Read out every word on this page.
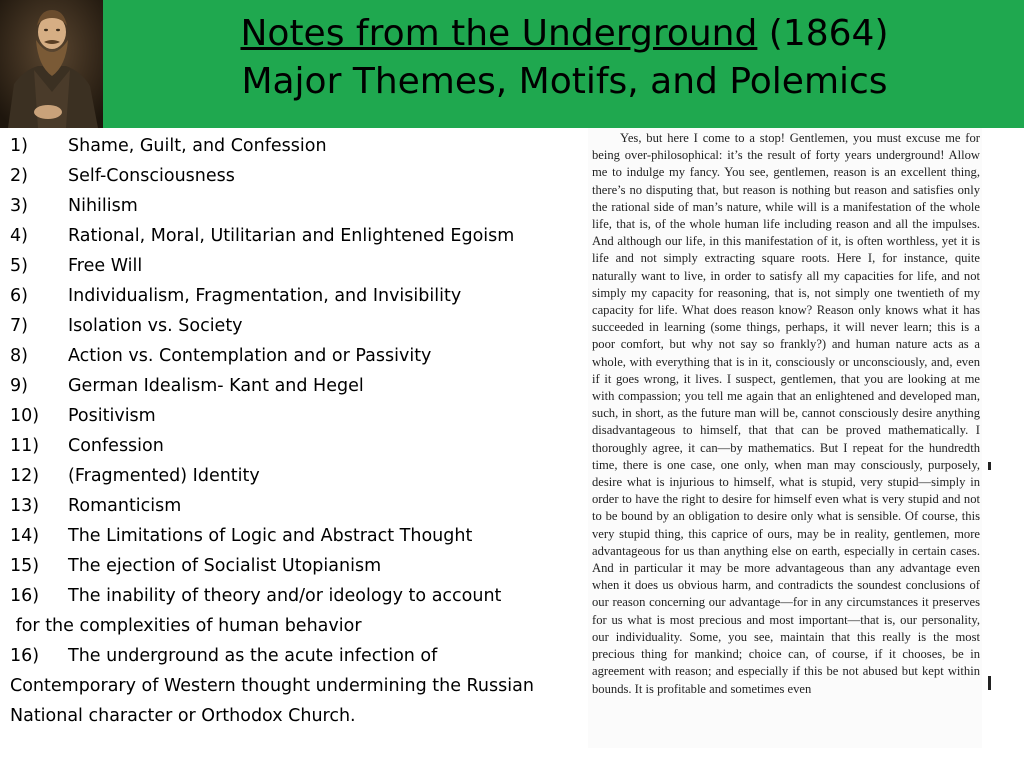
Notes from the Underground (1864)
Major Themes, Motifs, and Polemics
1) Shame, Guilt, and Confession
2) Self-Consciousness
3) Nihilism
4) Rational, Moral, Utilitarian and Enlightened Egoism
5) Free Will
6) Individualism, Fragmentation, and Invisibility
7) Isolation vs. Society
8) Action vs. Contemplation and or Passivity
9) German Idealism- Kant and Hegel
10) Positivism
11) Confession
12) (Fragmented) Identity
13) Romanticism
14) The Limitations of Logic and Abstract Thought
15) The ejection of Socialist Utopianism
16) The inability of theory and/or ideology to account
for the complexities of human behavior
16) The underground as the acute infection of
Contemporary of Western thought undermining the Russian
National character or Orthodox Church.

Yes, but here I come to a stop! Gentlemen, you must excuse me for being over-philosophical: it’s the result of forty years underground! Allow me to indulge my fancy. You see, gentlemen, reason is an excellent thing, there’s no disputing that, but reason is nothing but reason and satisfies only the rational side of man’s nature, while will is a manifestation of the whole life, that is, of the whole human life including reason and all the impulses. And although our life, in this manifestation of it, is often worthless, yet it is life and not simply extracting square roots. Here I, for instance, quite naturally want to live, in order to satisfy all my capacities for life, and not simply my capacity for reasoning, that is, not simply one twentieth of my capacity for life. What does reason know? Reason only knows what it has succeeded in learning (some things, perhaps, it will never learn; this is a poor comfort, but why not say so frankly?) and human nature acts as a whole, with everything that is in it, consciously or unconsciously, and, even if it goes wrong, it lives. I suspect, gentlemen, that you are looking at me with compassion; you tell me again that an enlightened and developed man, such, in short, as the future man will be, cannot consciously desire anything disadvantageous to himself, that that can be proved mathematically. I thoroughly agree, it can—by mathematics. But I repeat for the hundredth time, there is one case, one only, when man may consciously, purposely, desire what is injurious to himself, what is stupid, very stupid—simply in order to have the right to desire for himself even what is very stupid and not to be bound by an obligation to desire only what is sensible. Of course, this very stupid thing, this caprice of ours, may be in reality, gentlemen, more advantageous for us than anything else on earth, especially in certain cases. And in particular it may be more advantageous than any advantage even when it does us obvious harm, and contradicts the soundest conclusions of our reason concerning our advantage—for in any circumstances it preserves for us what is most precious and most important—that is, our personality, our individuality. Some, you see, maintain that this really is the most precious thing for mankind; choice can, of course, if it chooses, be in agreement with reason; and especially if this be not abused but kept within bounds. It is profitable and sometimes even
